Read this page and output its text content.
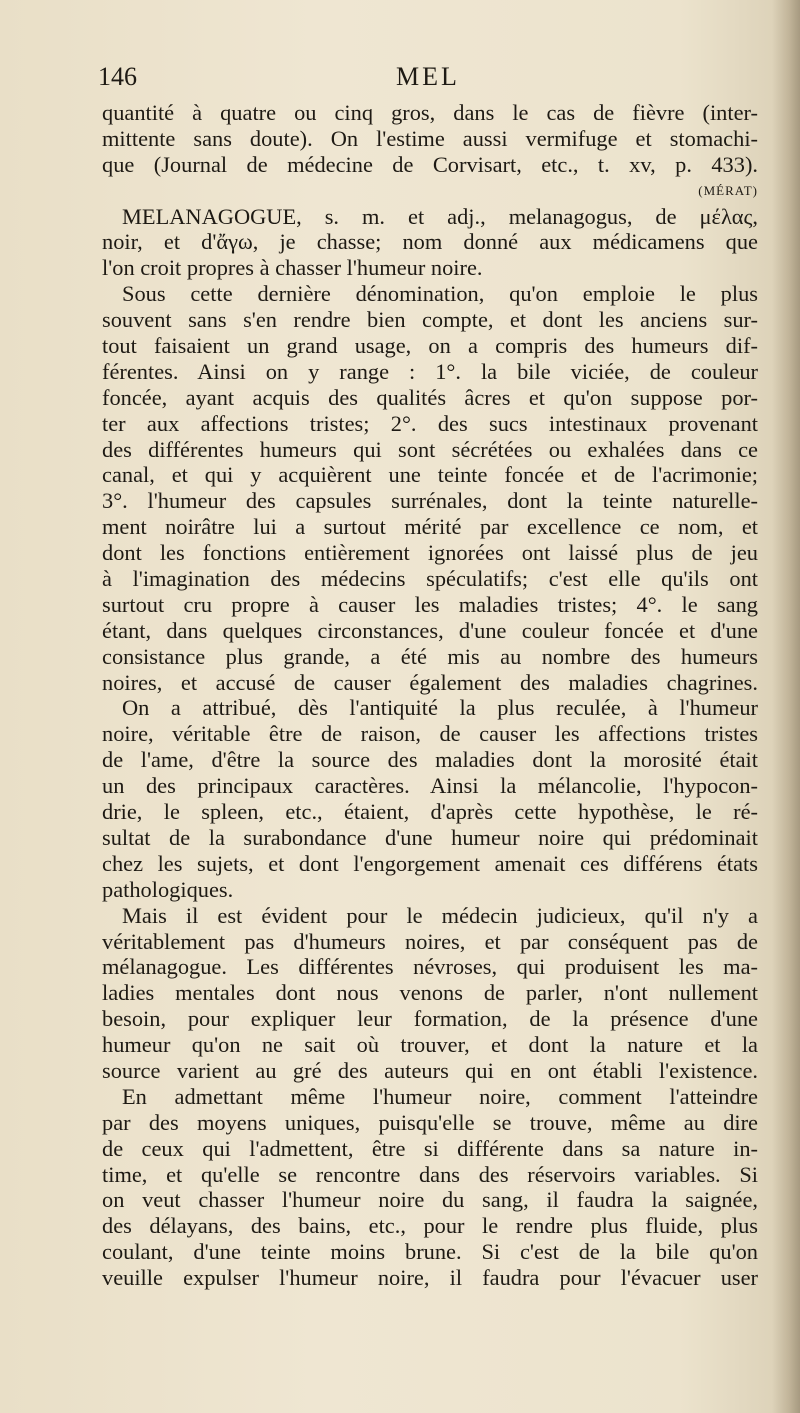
146	MEL
quantité à quatre ou cinq gros, dans le cas de fièvre (inter-
mittente sans doute). On l'estime aussi vermifuge et stomachi-
que (Journal de médecine de Corvisart, etc., t. xv, p. 433).
(MÉRAT)
MELANAGOGUE, s. m. et adj., melanagogus, de μέλας,
noir, et d'ἄγω, je chasse; nom donné aux médicamens que
l'on croit propres à chasser l'humeur noire.
Sous cette dernière dénomination, qu'on emploie le plus
souvent sans s'en rendre bien compte, et dont les anciens sur-
tout faisaient un grand usage, on a compris des humeurs dif-
férentes. Ainsi on y range : 1°. la bile viciée, de couleur
foncée, ayant acquis des qualités âcres et qu'on suppose por-
ter aux affections tristes; 2°. des sucs intestinaux provenant
des différentes humeurs qui sont sécrétées ou exhalées dans ce
canal, et qui y acquièrent une teinte foncée et de l'acrimonie;
3°. l'humeur des capsules surrénales, dont la teinte naturelle-
ment noirâtre lui a surtout mérité par excellence ce nom, et
dont les fonctions entièrement ignorées ont laissé plus de jeu
à l'imagination des médecins spéculatifs; c'est elle qu'ils ont
surtout cru propre à causer les maladies tristes; 4°. le sang
étant, dans quelques circonstances, d'une couleur foncée et d'une
consistance plus grande, a été mis au nombre des humeurs
noires, et accusé de causer également des maladies chagrines.
On a attribué, dès l'antiquité la plus reculée, à l'humeur
noire, véritable être de raison, de causer les affections tristes
de l'ame, d'être la source des maladies dont la morosité était
un des principaux caractères. Ainsi la mélancolie, l'hypocon-
drie, le spleen, etc., étaient, d'après cette hypothèse, le ré-
sultat de la surabondance d'une humeur noire qui prédominait
chez les sujets, et dont l'engorgement amenait ces différens états
pathologiques.
Mais il est évident pour le médecin judicieux, qu'il n'y a
véritablement pas d'humeurs noires, et par conséquent pas de
mélanagogue. Les différentes névroses, qui produisent les ma-
ladies mentales dont nous venons de parler, n'ont nullement
besoin, pour expliquer leur formation, de la présence d'une
humeur qu'on ne sait où trouver, et dont la nature et la
source varient au gré des auteurs qui en ont établi l'existence.
En admettant même l'humeur noire, comment l'atteindre
par des moyens uniques, puisqu'elle se trouve, même au dire
de ceux qui l'admettent, être si différente dans sa nature in-
time, et qu'elle se rencontre dans des réservoirs variables. Si
on veut chasser l'humeur noire du sang, il faudra la saignée,
des délayans, des bains, etc., pour le rendre plus fluide, plus
coulant, d'une teinte moins brune. Si c'est de la bile qu'on
veuille expulser l'humeur noire, il faudra pour l'évacuer user
